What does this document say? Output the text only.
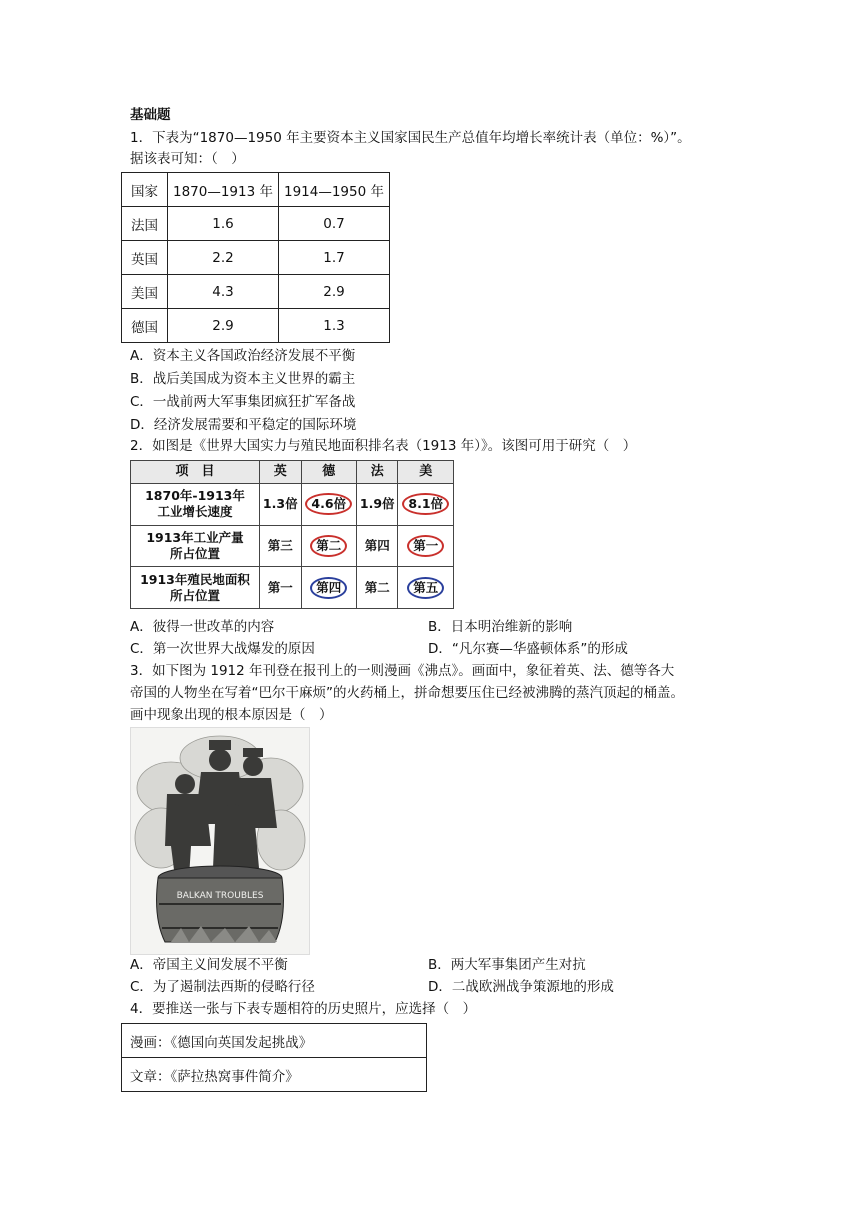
基础题
1．下表为“1870—1950 年主要资本主义国家国民生产总值年均增长率统计表（单位：%）”。
据该表可知：（　）
国家	1870—1913 年	1914—1950 年
法国	1.6	0.7
英国	2.2	1.7
美国	4.3	2.9
德国	2.9	1.3
A．资本主义各国政治经济发展不平衡
B．战后美国成为资本主义世界的霸主
C．一战前两大军事集团疯狂扩军备战
D．经济发展需要和平稳定的国际环境
2．如图是《世界大国实力与殖民地面积排名表（1913 年）》。该图可用于研究（　）
项　目	英	德	法	美

1870年-1913年
工业增长速度	1.3倍	4.6倍	1.9倍	8.1倍

1913年工业产量
所占位置	第三	第二	第四	第一

1913年殖民地面积
所占位置	第一	第四	第二	第五
A．彼得一世改革的内容	B．日本明治维新的影响
C．第一次世界大战爆发的原因	D．“凡尔赛—华盛顿体系”的形成
3．如下图为 1912 年刊登在报刊上的一则漫画《沸点》。画面中，象征着英、法、德等各大
帝国的人物坐在写着“巴尔干麻烦”的火药桶上，拼命想要压住已经被沸腾的蒸汽顶起的桶盖。
画中现象出现的根本原因是（　）
BALKAN TROUBLES
A．帝国主义间发展不平衡	B．两大军事集团产生对抗
C．为了遏制法西斯的侵略行径	D．二战欧洲战争策源地的形成
4．要推送一张与下表专题相符的历史照片，应选择（　）
漫画：《德国向英国发起挑战》
文章：《萨拉热窝事件简介》
